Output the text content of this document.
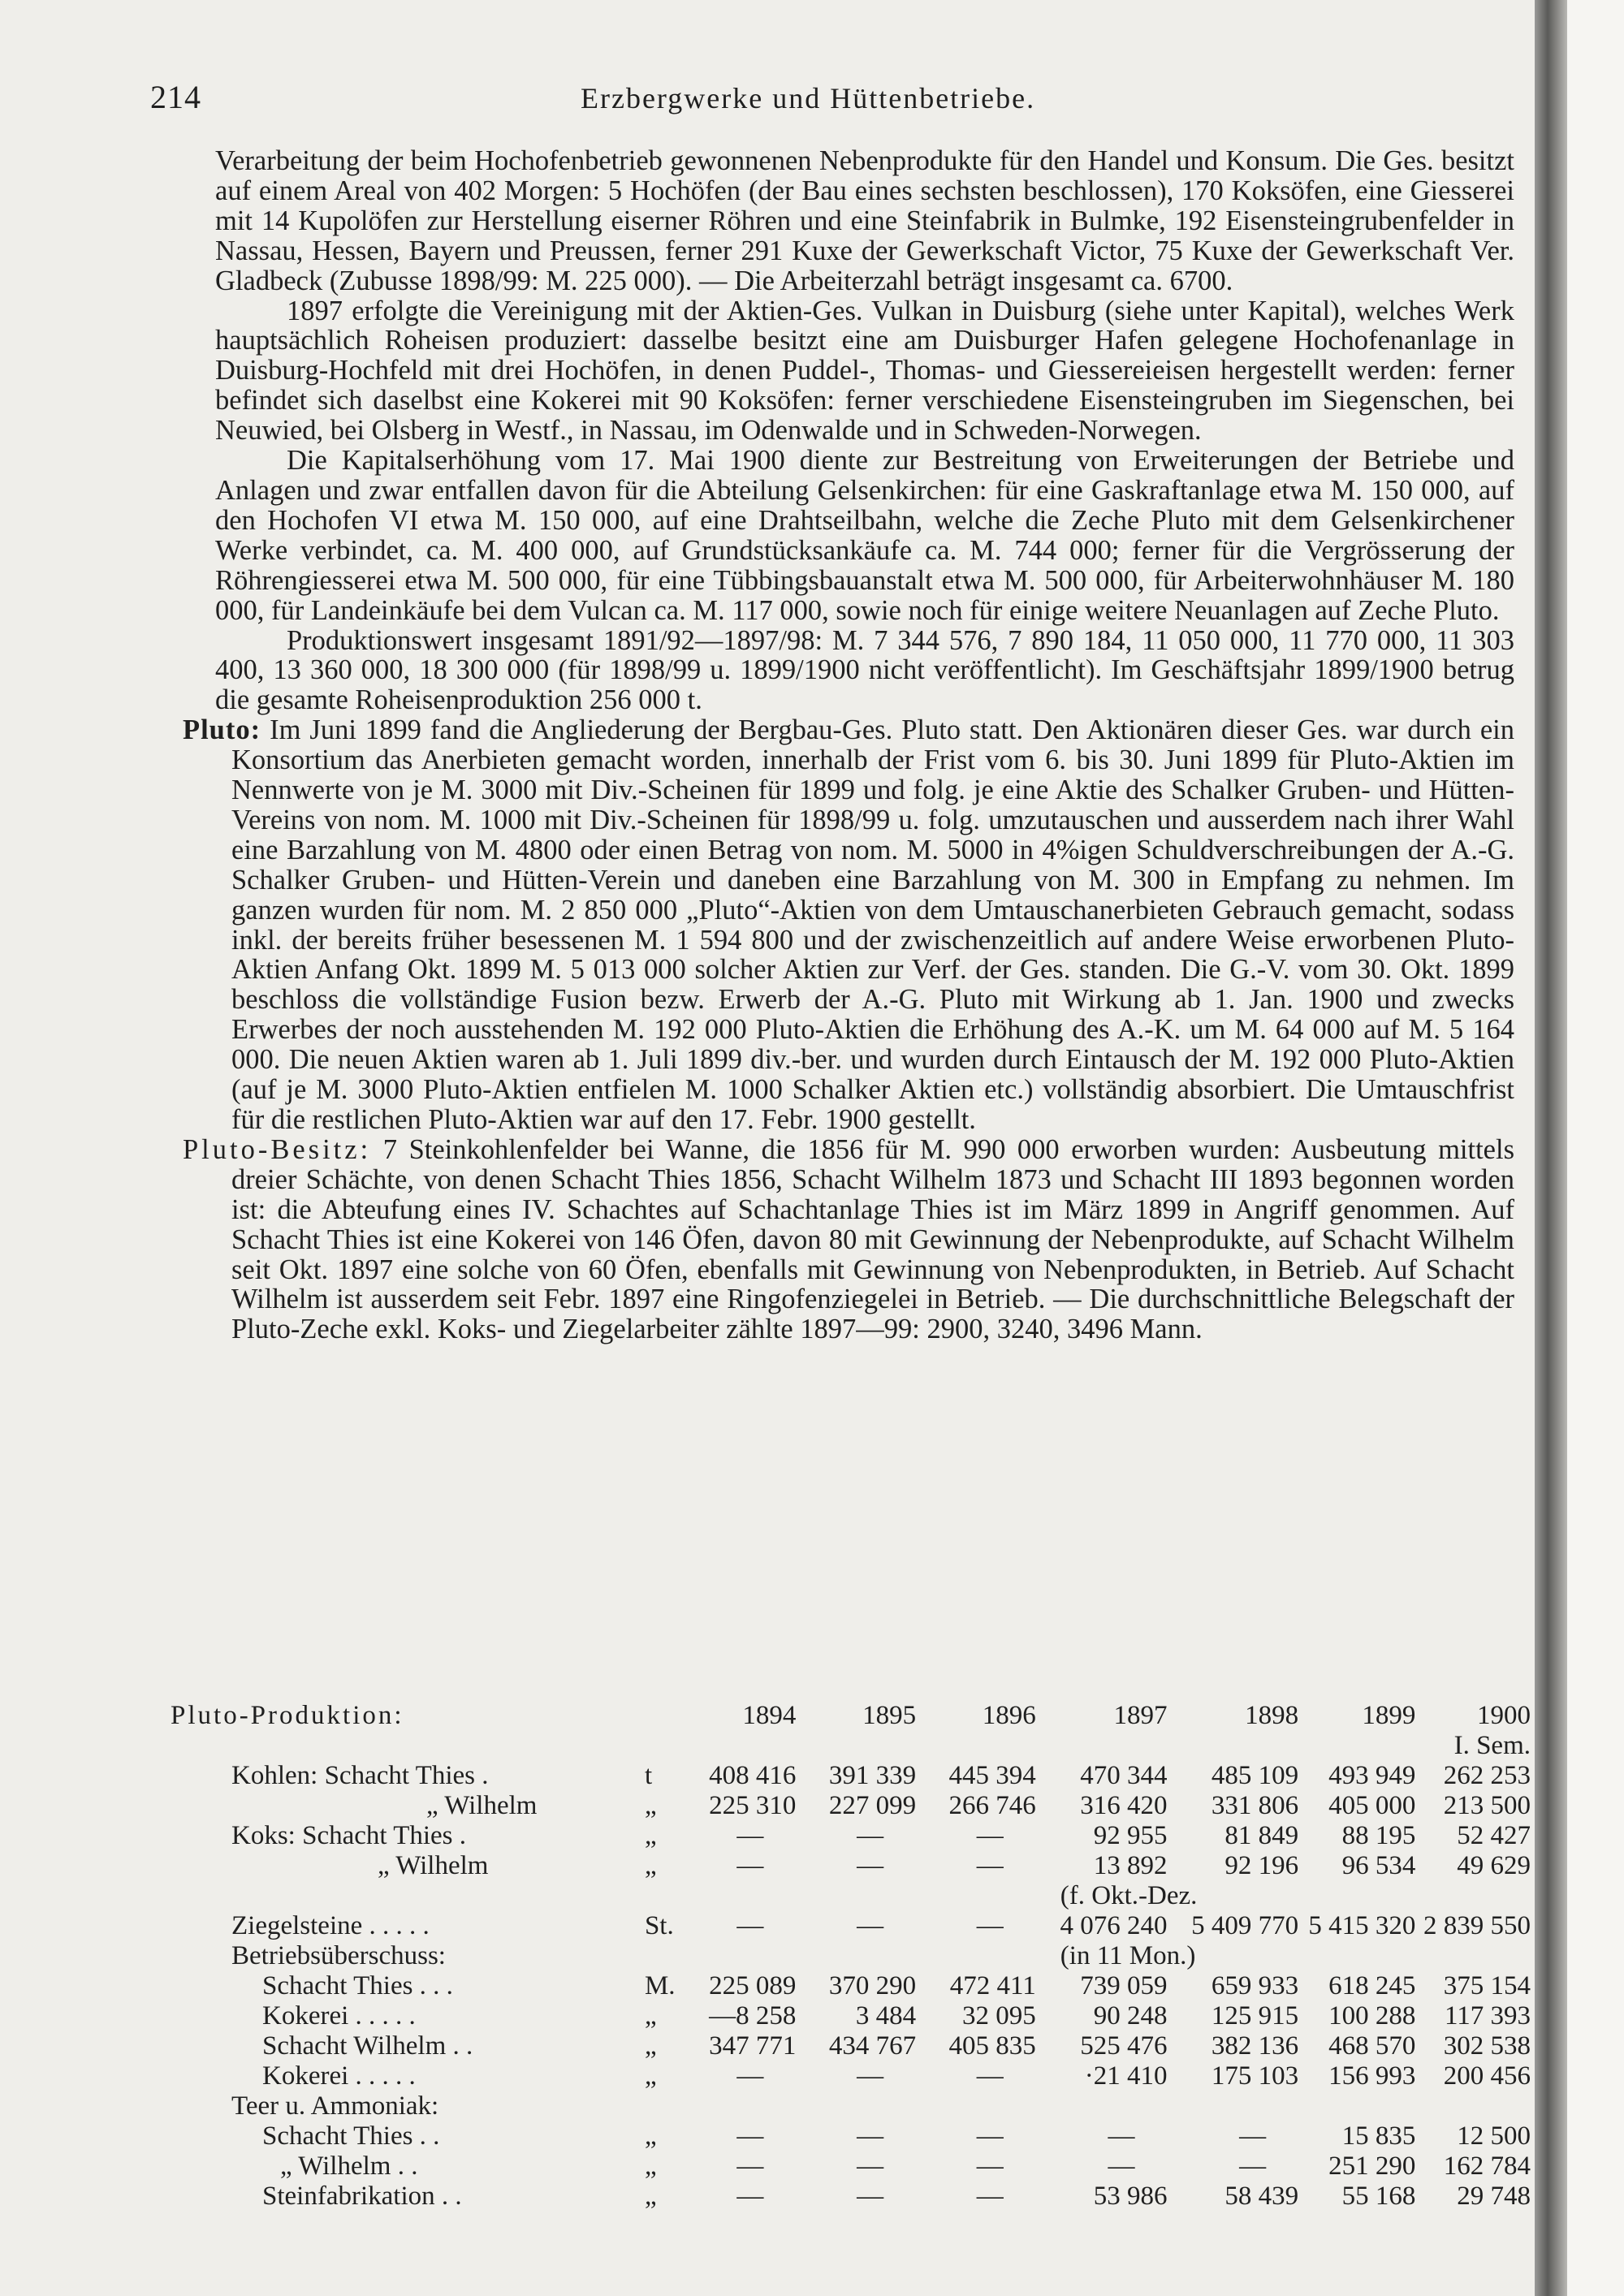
214	Erzbergwerke und Hüttenbetriebe.

Verarbeitung der beim Hochofenbetrieb gewonnenen Nebenprodukte für den Handel und Konsum. Die Ges. besitzt auf einem Areal von 402 Morgen: 5 Hochöfen (der Bau eines sechsten beschlossen), 170 Koksöfen, eine Giesserei mit 14 Kupolöfen zur Herstellung eiserner Röhren und eine Steinfabrik in Bulmke, 192 Eisensteingrubenfelder in Nassau, Hessen, Bayern und Preussen, ferner 291 Kuxe der Gewerkschaft Victor, 75 Kuxe der Gewerkschaft Ver. Gladbeck (Zubusse 1898/99: M. 225 000). — Die Arbeiterzahl beträgt insgesamt ca. 6700.

1897 erfolgte die Vereinigung mit der Aktien-Ges. Vulkan in Duisburg (siehe unter Kapital), welches Werk hauptsächlich Roheisen produziert: dasselbe besitzt eine am Duisburger Hafen gelegene Hochofenanlage in Duisburg-Hochfeld mit drei Hochöfen, in denen Puddel-, Thomas- und Giessereieisen hergestellt werden: ferner befindet sich daselbst eine Kokerei mit 90 Koksöfen: ferner verschiedene Eisensteingruben im Siegenschen, bei Neuwied, bei Olsberg in Westf., in Nassau, im Odenwalde und in Schweden-Norwegen.

Die Kapitalserhöhung vom 17. Mai 1900 diente zur Bestreitung von Erweiterungen der Betriebe und Anlagen und zwar entfallen davon für die Abteilung Gelsenkirchen: für eine Gaskraftanlage etwa M. 150 000, auf den Hochofen VI etwa M. 150 000, auf eine Drahtseilbahn, welche die Zeche Pluto mit dem Gelsenkirchener Werke verbindet, ca. M. 400 000, auf Grundstücksankäufe ca. M. 744 000; ferner für die Vergrösserung der Röhrengiesserei etwa M. 500 000, für eine Tübbingsbauanstalt etwa M. 500 000, für Arbeiterwohnhäuser M. 180 000, für Landeinkäufe bei dem Vulcan ca. M. 117 000, sowie noch für einige weitere Neuanlagen auf Zeche Pluto.

Produktionswert insgesamt 1891/92—1897/98: M. 7 344 576, 7 890 184, 11 050 000, 11 770 000, 11 303 400, 13 360 000, 18 300 000 (für 1898/99 u. 1899/1900 nicht veröffentlicht). Im Geschäftsjahr 1899/1900 betrug die gesamte Roheisenproduktion 256 000 t.

Pluto: Im Juni 1899 fand die Angliederung der Bergbau-Ges. Pluto statt. Den Aktionären dieser Ges. war durch ein Konsortium das Anerbieten gemacht worden, innerhalb der Frist vom 6. bis 30. Juni 1899 für Pluto-Aktien im Nennwerte von je M. 3000 mit Div.-Scheinen für 1899 und folg. je eine Aktie des Schalker Gruben- und Hütten-Vereins von nom. M. 1000 mit Div.-Scheinen für 1898/99 u. folg. umzutauschen und ausserdem nach ihrer Wahl eine Barzahlung von M. 4800 oder einen Betrag von nom. M. 5000 in 4%igen Schuldverschreibungen der A.-G. Schalker Gruben- und Hütten-Verein und daneben eine Barzahlung von M. 300 in Empfang zu nehmen. Im ganzen wurden für nom. M. 2 850 000 „Pluto“-Aktien von dem Umtauschanerbieten Gebrauch gemacht, sodass inkl. der bereits früher besessenen M. 1 594 800 und der zwischenzeitlich auf andere Weise erworbenen Pluto-Aktien Anfang Okt. 1899 M. 5 013 000 solcher Aktien zur Verf. der Ges. standen. Die G.-V. vom 30. Okt. 1899 beschloss die vollständige Fusion bezw. Erwerb der A.-G. Pluto mit Wirkung ab 1. Jan. 1900 und zwecks Erwerbes der noch ausstehenden M. 192 000 Pluto-Aktien die Erhöhung des A.-K. um M. 64 000 auf M. 5 164 000. Die neuen Aktien waren ab 1. Juli 1899 div.-ber. und wurden durch Eintausch der M. 192 000 Pluto-Aktien (auf je M. 3000 Pluto-Aktien entfielen M. 1000 Schalker Aktien etc.) vollständig absorbiert. Die Umtauschfrist für die restlichen Pluto-Aktien war auf den 17. Febr. 1900 gestellt.

Pluto-Besitz: 7 Steinkohlenfelder bei Wanne, die 1856 für M. 990 000 erworben wurden: Ausbeutung mittels dreier Schächte, von denen Schacht Thies 1856, Schacht Wilhelm 1873 und Schacht III 1893 begonnen worden ist: die Abteufung eines IV. Schachtes auf Schachtanlage Thies ist im März 1899 in Angriff genommen. Auf Schacht Thies ist eine Kokerei von 146 Öfen, davon 80 mit Gewinnung der Nebenprodukte, auf Schacht Wilhelm seit Okt. 1897 eine solche von 60 Öfen, ebenfalls mit Gewinnung von Nebenprodukten, in Betrieb. Auf Schacht Wilhelm ist ausserdem seit Febr. 1897 eine Ringofenziegelei in Betrieb. — Die durchschnittliche Belegschaft der Pluto-Zeche exkl. Koks- und Ziegelarbeiter zählte 1897—99: 2900, 3240, 3496 Mann.

Pluto-Produktion:		1894	1895	1896	1897	1898	1899	1900
								I. Sem.
Kohlen: Schacht Thies .	t	408 416	391 339	445 394	470 344	485 109	493 949	262 253
„ Wilhelm	„	225 310	227 099	266 746	316 420	331 806	405 000	213 500
Koks: Schacht Thies .	„	—	—	—	92 955	81 849	88 195	52 427
„ Wilhelm	„	—	—	—	13 892	92 196	96 534	49 629
					(f. Okt.-Dez.
Ziegelsteine . . . . .	St.	—	—	—	4 076 240	5 409 770	5 415 320	2 839 550
Betriebsüberschuss:					(in 11 Mon.)
Schacht Thies . . .	M.	225 089	370 290	472 411	739 059	659 933	618 245	375 154
Kokerei . . . . .	„	—8 258	3 484	32 095	90 248	125 915	100 288	117 393
Schacht Wilhelm . .	„	347 771	434 767	405 835	525 476	382 136	468 570	302 538
Kokerei . . . . .	„	—	—	—	·21 410	175 103	156 993	200 456
Teer u. Ammoniak:								
Schacht Thies . .	„	—	—	—	—	—	15 835	12 500
„ Wilhelm . .	„	—	—	—	—	—	251 290	162 784
Steinfabrikation . .	„	—	—	—	53 986	58 439	55 168	29 748
